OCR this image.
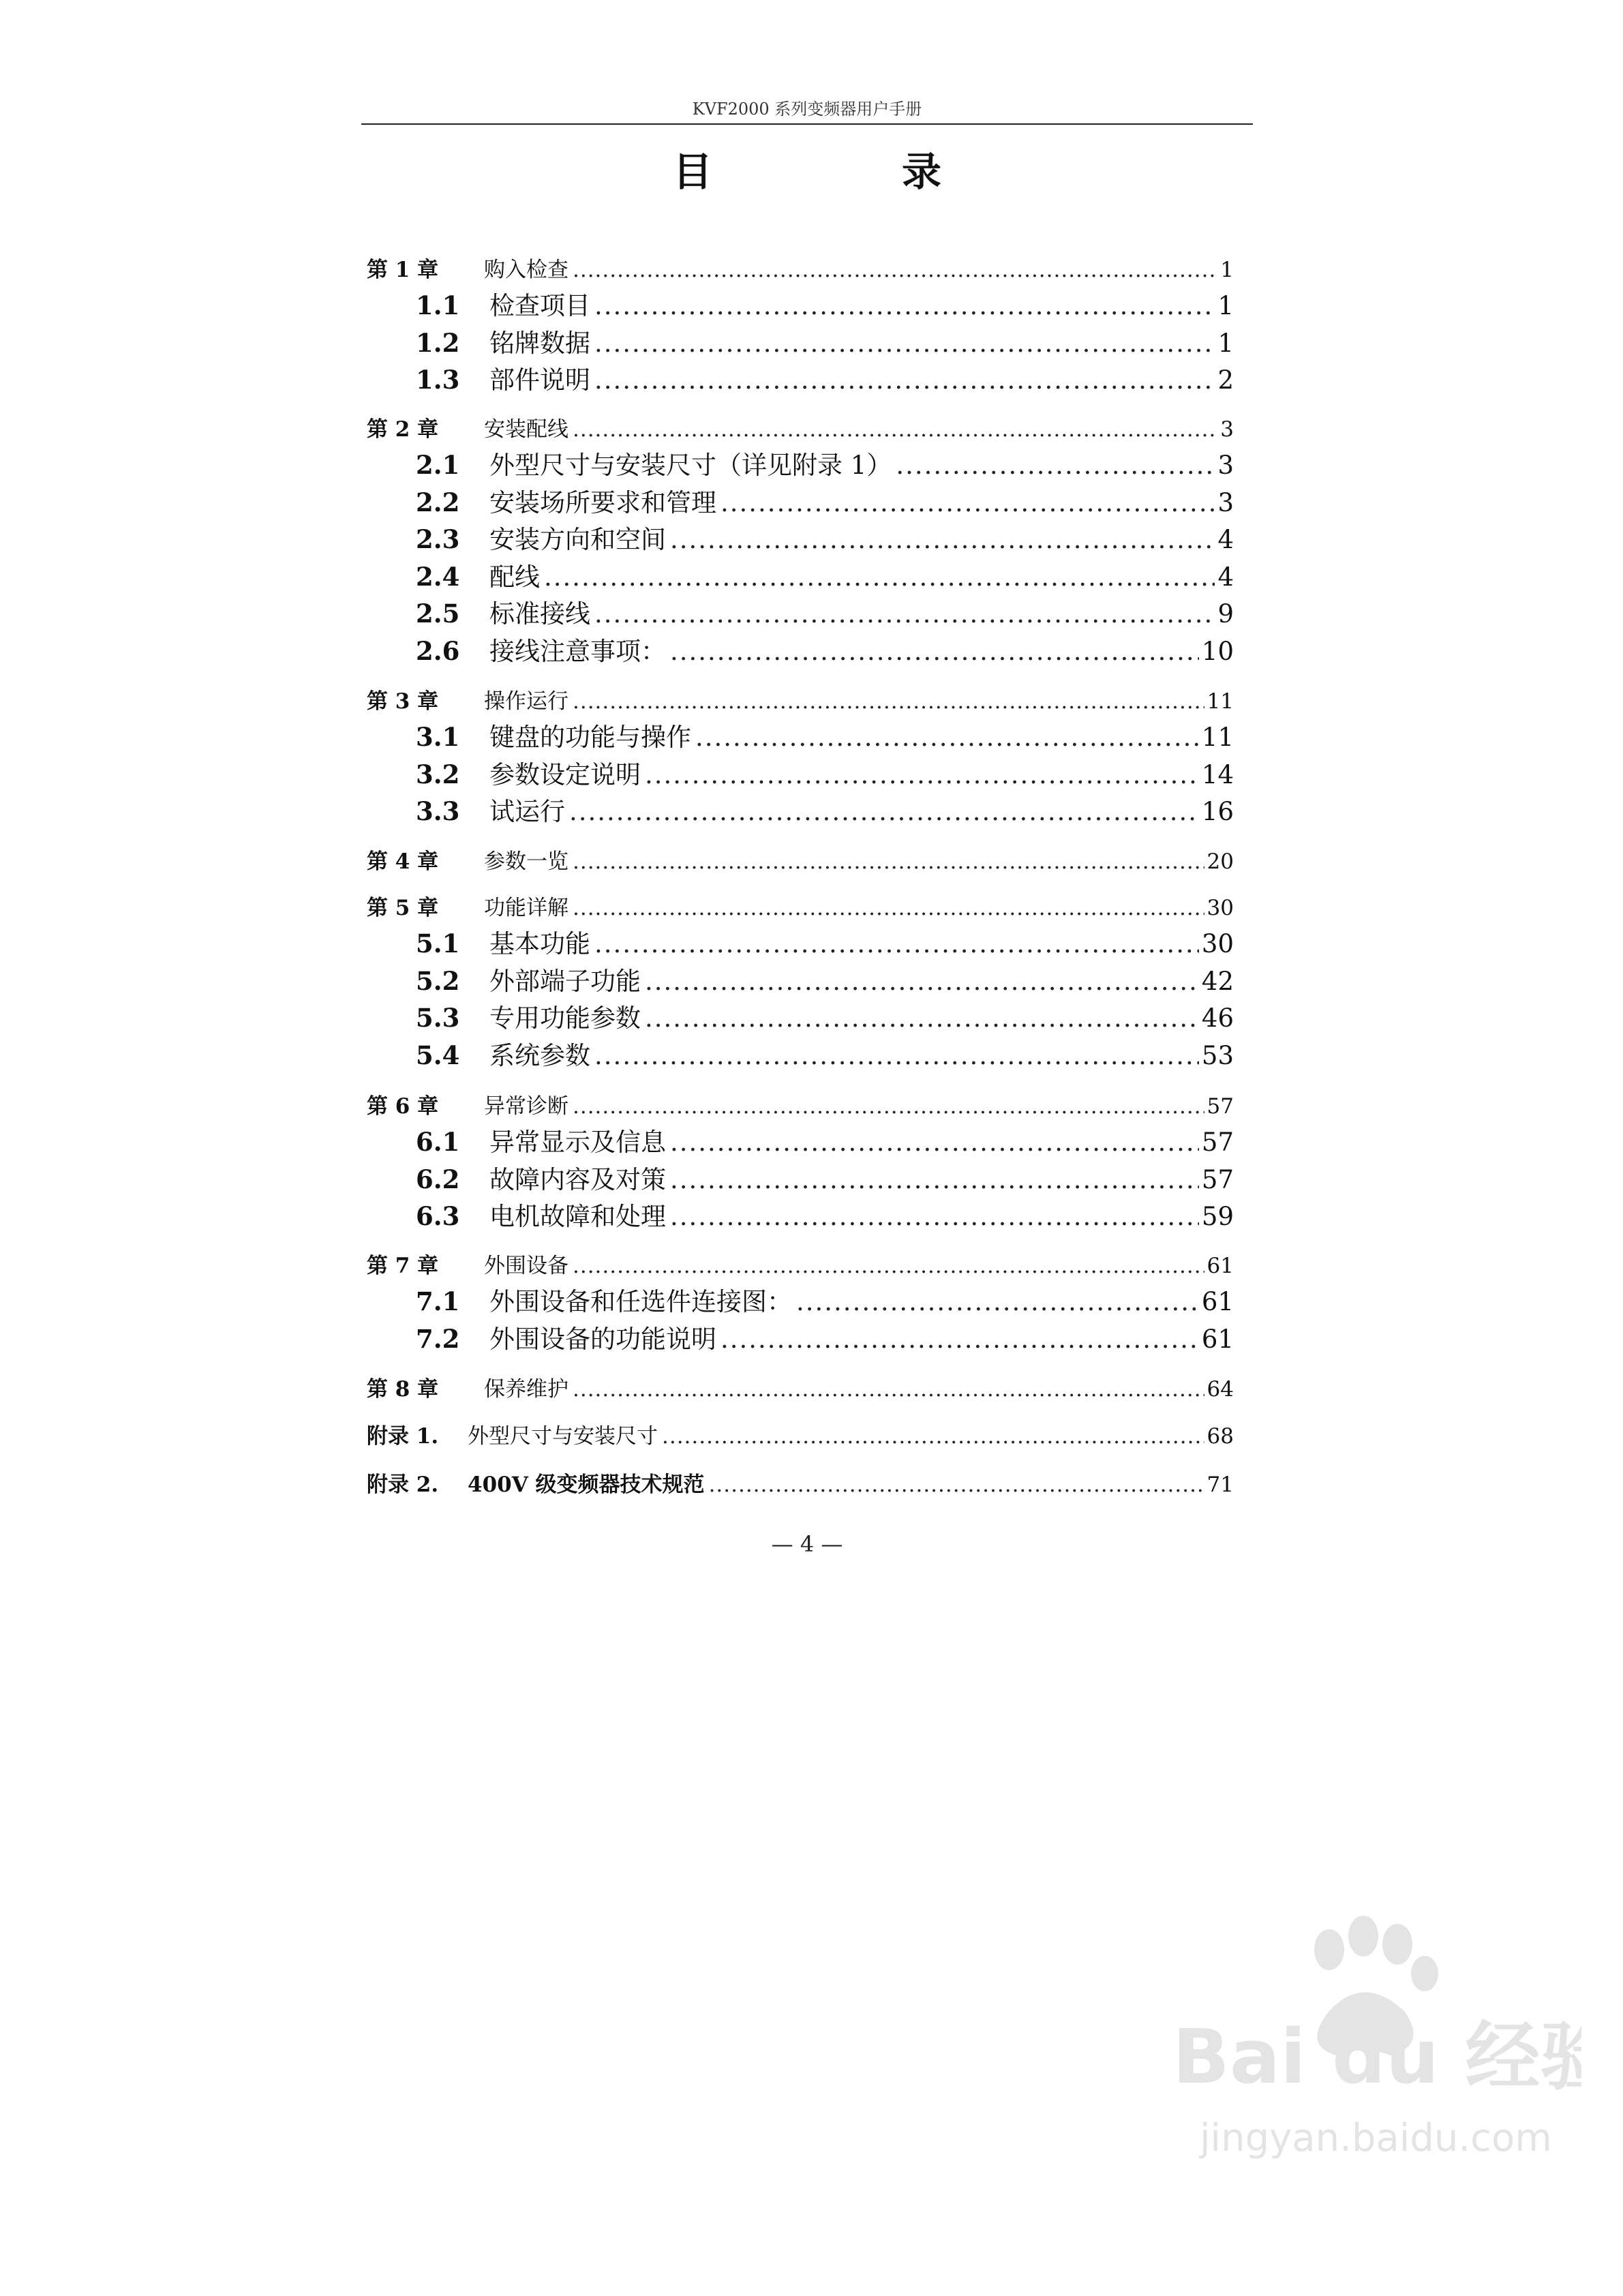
KVF2000 系列变频器用户手册
目　录
第 1 章	购入检查 .....	1
1.1	检查项目 .....	1
1.2	铭牌数据 .....	1
1.3	部件说明 .....	2
第 2 章	安装配线 .....	3
2.1	外型尺寸与安装尺寸（详见附录 1） .....	3
2.2	安装场所要求和管理 .....	3
2.3	安装方向和空间 .....	4
2.4	配线 .....	4
2.5	标准接线 .....	9
2.6	接线注意事项： .....	10
第 3 章	操作运行 .....	11
3.1	键盘的功能与操作 .....	11
3.2	参数设定说明 .....	14
3.3	试运行 .....	16
第 4 章	参数一览 .....	20
第 5 章	功能详解 .....	30
5.1	基本功能 .....	30
5.2	外部端子功能 .....	42
5.3	专用功能参数 .....	46
5.4	系统参数 .....	53
第 6 章	异常诊断 .....	57
6.1	异常显示及信息 .....	57
6.2	故障内容及对策 .....	57
6.3	电机故障和处理 .....	59
第 7 章	外围设备 .....	61
7.1	外围设备和任选件连接图： .....	61
7.2	外围设备的功能说明 .....	61
第 8 章	保养维护 .....	64
附录 1.	外型尺寸与安装尺寸 .....	68
附录 2.	400V 级变频器技术规范 .....	71
— 4 —
Bai du 经验
jingyan.baidu.com
